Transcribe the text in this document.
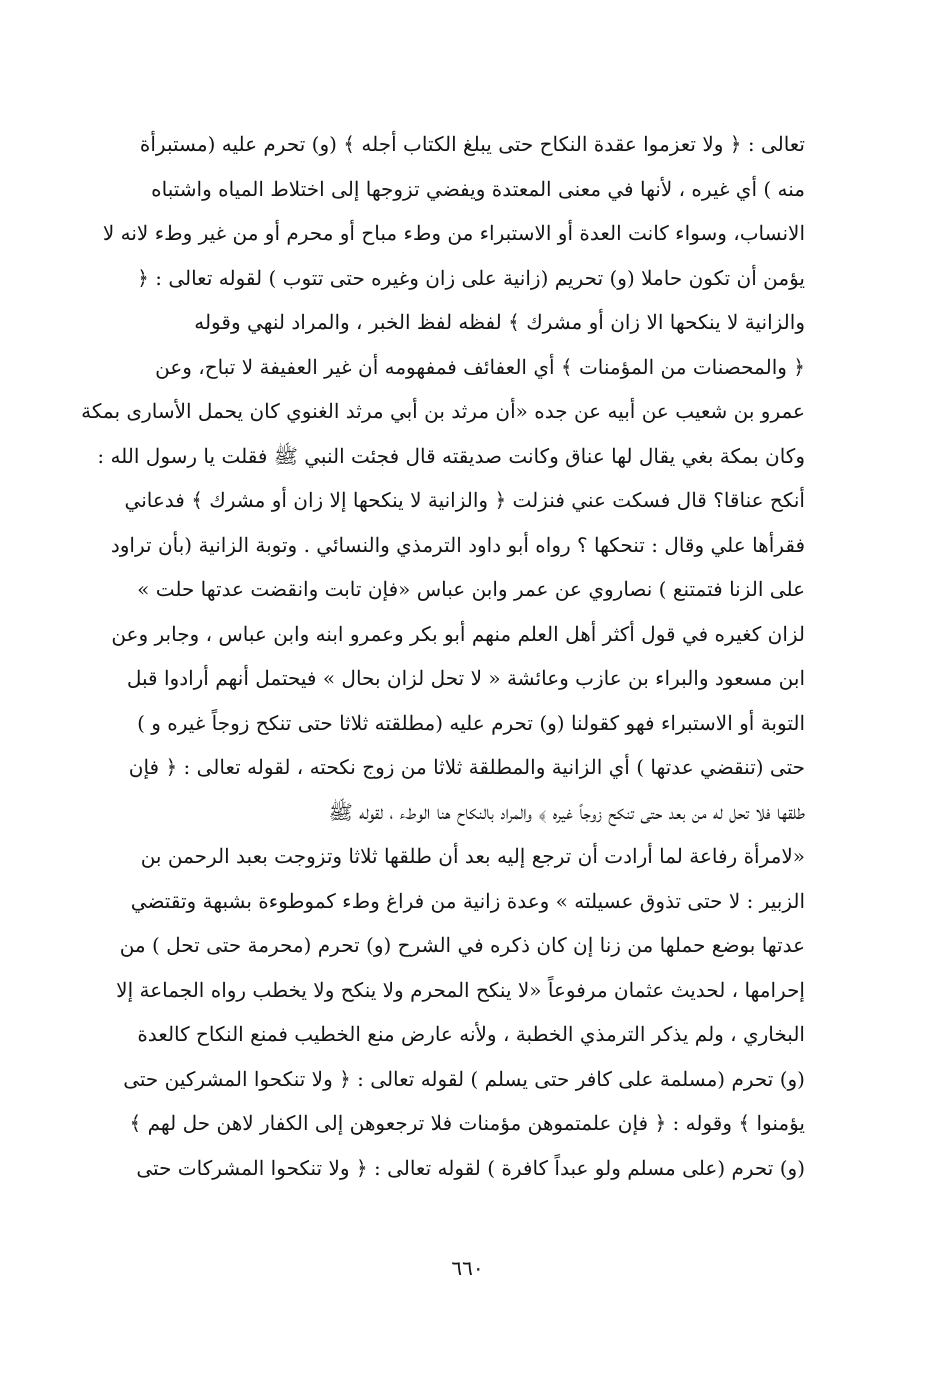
تعالى : ﴿ ولا تعزموا عقدة النكاح حتى يبلغ الكتاب أجله ﴾ (و) تحرم عليه (مستبرأة
منه ) أي غيره ، لأنها في معنى المعتدة ويفضي تزوجها إلى اختلاط المياه واشتباه
الانساب، وسواء كانت العدة أو الاستبراء من وطء مباح أو محرم أو من غير وطء لانه لا
يؤمن أن تكون حاملا (و) تحريم (زانية على زان وغيره حتى تتوب ) لقوله تعالى : ﴿
والزانية لا ينكحها الا زان أو مشرك ﴾ لفظه لفظ الخبر ، والمراد لنهي وقوله
﴿ والمحصنات من المؤمنات ﴾ أي العفائف فمفهومه أن غير العفيفة لا تباح، وعن
عمرو بن شعيب عن أبيه عن جده «أن مرثد بن أبي مرثد الغنوي كان يحمل الأسارى بمكة
وكان بمكة بغي يقال لها عناق وكانت صديقته قال فجئت النبي ﷺ فقلت يا رسول الله :
أنكح عناقا؟ قال فسكت عني فنزلت ﴿ والزانية لا ينكحها إلا زان أو مشرك ﴾ فدعاني
فقرأها علي وقال : تنحكها ؟ رواه أبو داود الترمذي والنسائي . وتوبة الزانية (بأن تراود
على الزنا فتمتنع ) نصاروي عن عمر وابن عباس «فإن تابت وانقضت عدتها حلت »
لزان كغيره في قول أكثر أهل العلم منهم أبو بكر وعمرو ابنه وابن عباس ، وجابر وعن
ابن مسعود والبراء بن عازب وعائشة « لا تحل لزان بحال » فيحتمل أنهم أرادوا قبل
التوبة أو الاستبراء فهو كقولنا (و) تحرم عليه (مطلقته ثلاثا حتى تنكح زوجاً غيره و )
حتى (تنقضي عدتها ) أي الزانية والمطلقة ثلاثا من زوج نكحته ، لقوله تعالى : ﴿ فإن
طلقها فلا تحل له من بعد حتى تنكح زوجاً غيره ﴾ والمراد بالنكاح هنا الوطء ، لقوله ﷺ
«لامرأة رفاعة لما أرادت أن ترجع إليه بعد أن طلقها ثلاثا وتزوجت بعبد الرحمن بن
الزبير : لا حتى تذوق عسيلته » وعدة زانية من فراغ وطء كموطوءة بشبهة وتقتضي
عدتها بوضع حملها من زنا إن كان ذكره في الشرح (و) تحرم (محرمة حتى تحل ) من
إحرامها ، لحديث عثمان مرفوعاً «لا ينكح المحرم ولا ينكح ولا يخطب رواه الجماعة إلا
البخاري ، ولم يذكر الترمذي الخطبة ، ولأنه عارض منع الخطيب فمنع النكاح كالعدة
(و) تحرم (مسلمة على كافر حتى يسلم ) لقوله تعالى : ﴿ ولا تنكحوا المشركين حتى
يؤمنوا ﴾ وقوله : ﴿ فإن علمتموهن مؤمنات فلا ترجعوهن إلى الكفار لاهن حل لهم ﴾
(و) تحرم (على مسلم ولو عبداً كافرة ) لقوله تعالى : ﴿ ولا تنكحوا المشركات حتى
٦٦٠
